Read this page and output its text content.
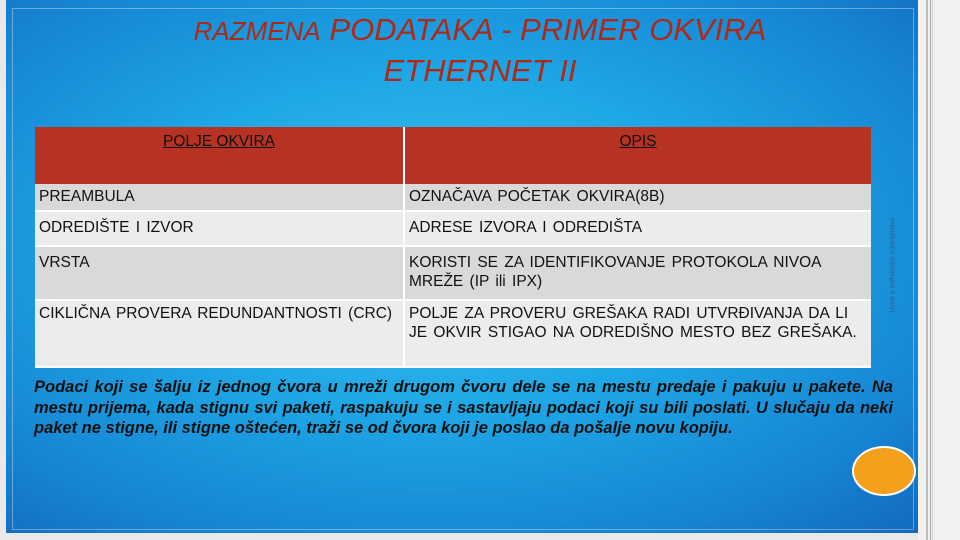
RAZMENA PODATAKA - PRIMER OKVIRA
ETHERNET II
Uvod u softversko inženjerstvo
POLJE OKVIRA	OPIS
PREAMBULA	OZNAČAVA POČETAK OKVIRA(8B)
ODREDIŠTE I IZVOR	ADRESE IZVORA I ODREDIŠTA
VRSTA	KORISTI SE ZA IDENTIFIKOVANJE PROTOKOLA NIVOA MREŽE (IP ili IPX)
CIKLIČNA PROVERA REDUNDANTNOSTI (CRC)	POLJE ZA PROVERU GREŠAKA RADI UTVRĐIVANJA DA LI JE OKVIR STIGAO NA ODREDIŠNO MESTO BEZ GREŠAKA.

Podaci koji se šalju iz jednog čvora u mreži drugom čvoru dele se na mestu predaje i pakuju u pakete. Na mestu prijema, kada stignu svi paketi, raspakuju se i sastavljaju podaci koji su bili poslati. U slučaju da neki paket ne stigne, ili stigne oštećen, traži se od čvora koji je poslao da pošalje novu kopiju.
